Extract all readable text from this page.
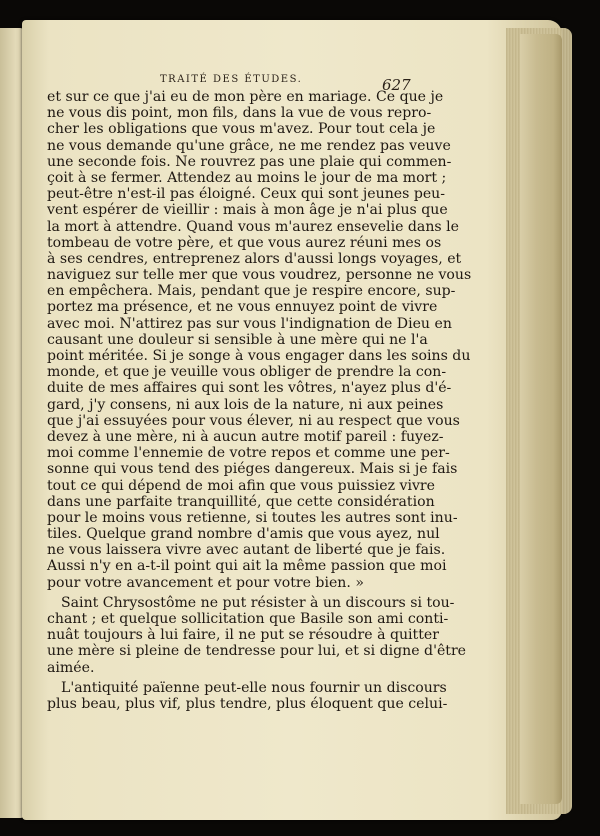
TRAITÉ DES ÉTUDES.	627
et sur ce que j'ai eu de mon père en mariage. Ce que je
ne vous dis point, mon fils, dans la vue de vous repro-
cher les obligations que vous m'avez. Pour tout cela je
ne vous demande qu'une grâce, ne me rendez pas veuve
une seconde fois. Ne rouvrez pas une plaie qui commen-
çoit à se fermer. Attendez au moins le jour de ma mort ;
peut-être n'est-il pas éloigné. Ceux qui sont jeunes peu-
vent espérer de vieillir : mais à mon âge je n'ai plus que
la mort à attendre. Quand vous m'aurez ensevelie dans le
tombeau de votre père, et que vous aurez réuni mes os
à ses cendres, entreprenez alors d'aussi longs voyages, et
naviguez sur telle mer que vous voudrez, personne ne vous
en empêchera. Mais, pendant que je respire encore, sup-
portez ma présence, et ne vous ennuyez point de vivre
avec moi. N'attirez pas sur vous l'indignation de Dieu en
causant une douleur si sensible à une mère qui ne l'a
point méritée. Si je songe à vous engager dans les soins du
monde, et que je veuille vous obliger de prendre la con-
duite de mes affaires qui sont les vôtres, n'ayez plus d'é-
gard, j'y consens, ni aux lois de la nature, ni aux peines
que j'ai essuyées pour vous élever, ni au respect que vous
devez à une mère, ni à aucun autre motif pareil : fuyez-
moi comme l'ennemie de votre repos et comme une per-
sonne qui vous tend des piéges dangereux. Mais si je fais
tout ce qui dépend de moi afin que vous puissiez vivre
dans une parfaite tranquillité, que cette considération
pour le moins vous retienne, si toutes les autres sont inu-
tiles. Quelque grand nombre d'amis que vous ayez, nul
ne vous laissera vivre avec autant de liberté que je fais.
Aussi n'y en a-t-il point qui ait la même passion que moi
pour votre avancement et pour votre bien. »
Saint Chrysostôme ne put résister à un discours si tou-
chant ; et quelque sollicitation que Basile son ami conti-
nuât toujours à lui faire, il ne put se résoudre à quitter
une mère si pleine de tendresse pour lui, et si digne d'être
aimée.
L'antiquité païenne peut-elle nous fournir un discours
plus beau, plus vif, plus tendre, plus éloquent que celui-
